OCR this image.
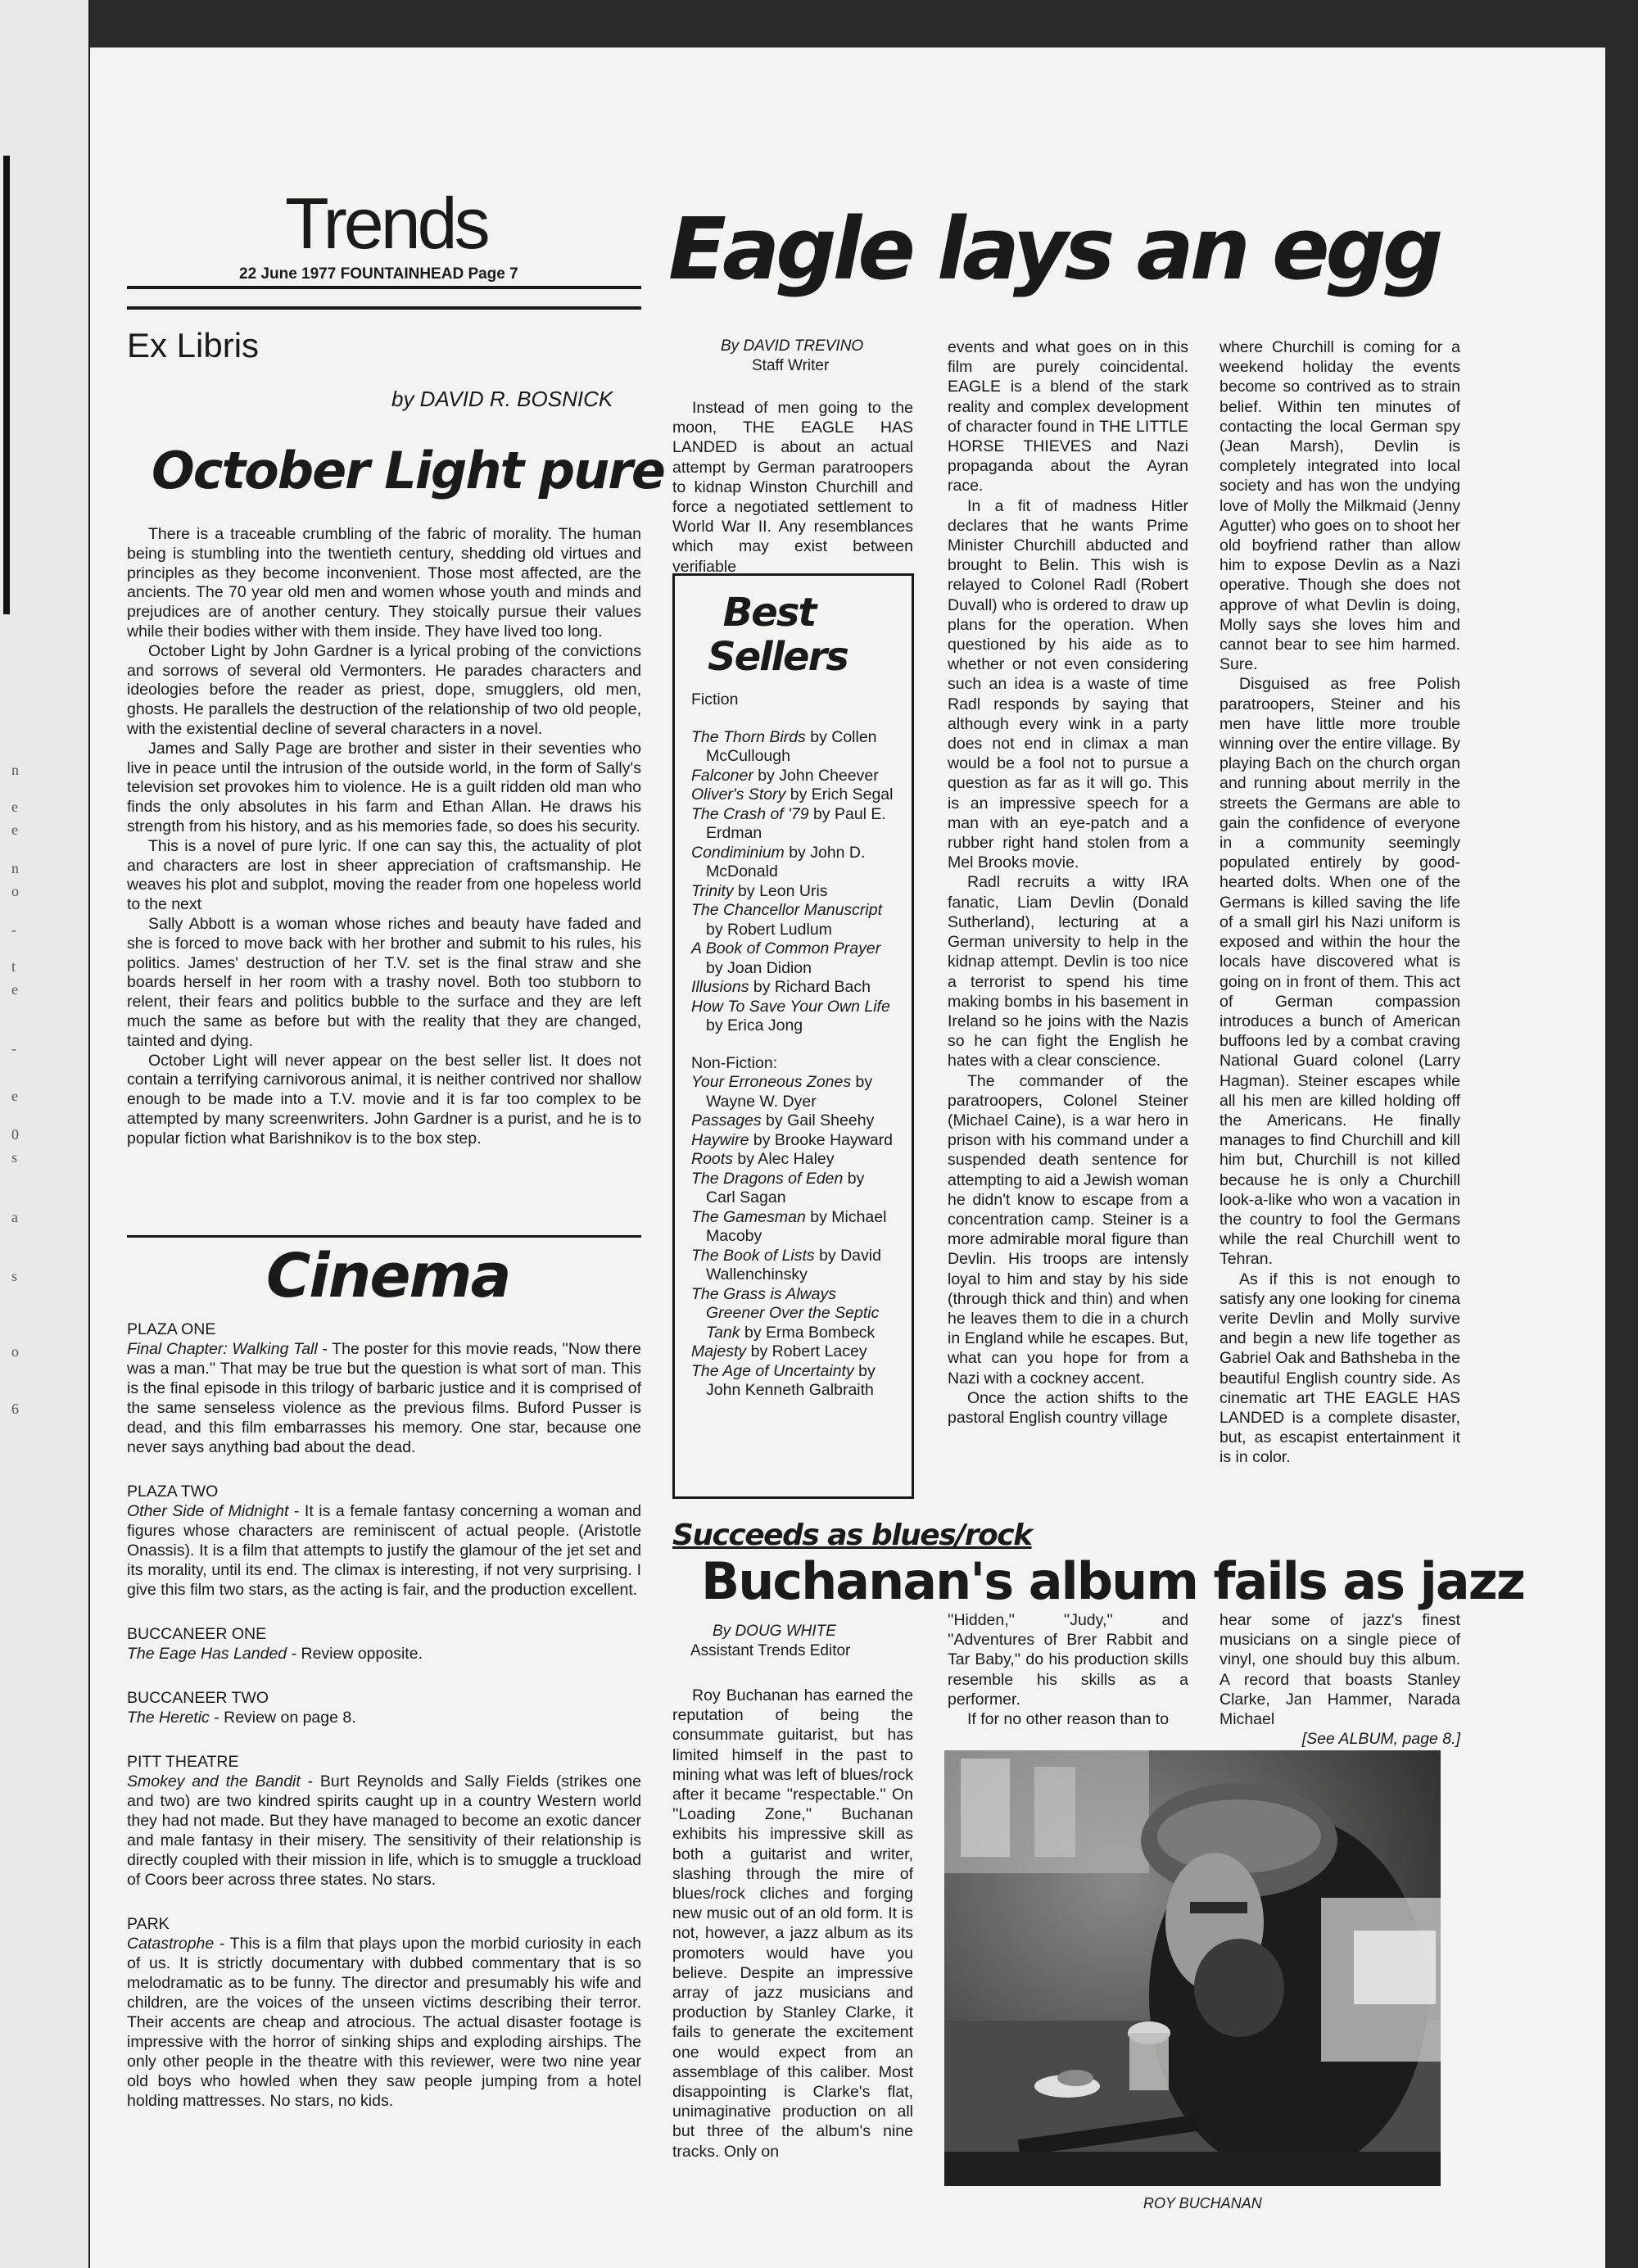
n
e
e
n
o
-
t
e
-
e
0
s
a
s
o
6
Trends
22 June 1977 FOUNTAINHEAD Page 7
Ex Libris
by DAVID R. BOSNICK
October Light pure

There is a traceable crumbling of the fabric of morality. The human being is stumbling into the twentieth century, shedding old virtues and principles as they become inconvenient. Those most affected, are the ancients. The 70 year old men and women whose youth and minds and prejudices are of another century. They stoically pursue their values while their bodies wither with them inside. They have lived too long.

October Light by John Gardner is a lyrical probing of the convictions and sorrows of several old Vermonters. He parades characters and ideologies before the reader as priest, dope, smugglers, old men, ghosts. He parallels the destruction of the relationship of two old people, with the existential decline of several characters in a novel.

James and Sally Page are brother and sister in their seventies who live in peace until the intrusion of the outside world, in the form of Sally's television set provokes him to violence. He is a guilt ridden old man who finds the only absolutes in his farm and Ethan Allan. He draws his strength from his history, and as his memories fade, so does his security.

This is a novel of pure lyric. If one can say this, the actuality of plot and characters are lost in sheer appreciation of craftsmanship. He weaves his plot and subplot, moving the reader from one hopeless world to the next

Sally Abbott is a woman whose riches and beauty have faded and she is forced to move back with her brother and submit to his rules, his politics. James' destruction of her T.V. set is the final straw and she boards herself in her room with a trashy novel. Both too stubborn to relent, their fears and politics bubble to the surface and they are left much the same as before but with the reality that they are changed, tainted and dying.

October Light will never appear on the best seller list. It does not contain a terrifying carnivorous animal, it is neither contrived nor shallow enough to be made into a T.V. movie and it is far too complex to be attempted by many screenwriters. John Gardner is a purist, and he is to popular fiction what Barishnikov is to the box step.

Cinema
PLAZA ONE
Final Chapter: Walking Tall - The poster for this movie reads, ''Now there was a man.'' That may be true but the question is what sort of man. This is the final episode in this trilogy of barbaric justice and it is comprised of the same senseless violence as the previous films. Buford Pusser is dead, and this film embarrasses his memory. One star, because one never says anything bad about the dead.
PLAZA TWO
Other Side of Midnight - It is a female fantasy concerning a woman and figures whose characters are reminiscent of actual people. (Aristotle Onassis). It is a film that attempts to justify the glamour of the jet set and its morality, until its end. The climax is interesting, if not very surprising. I give this film two stars, as the acting is fair, and the production excellent.
BUCCANEER ONE
The Eage Has Landed - Review opposite.
BUCCANEER TWO
The Heretic - Review on page 8.
PITT THEATRE
Smokey and the Bandit - Burt Reynolds and Sally Fields (strikes one and two) are two kindred spirits caught up in a country Western world they had not made. But they have managed to become an exotic dancer and male fantasy in their misery. The sensitivity of their relationship is directly coupled with their mission in life, which is to smuggle a truckload of Coors beer across three states. No stars.
PARK
Catastrophe - This is a film that plays upon the morbid curiosity in each of us. It is strictly documentary with dubbed commentary that is so melodramatic as to be funny. The director and presumably his wife and children, are the voices of the unseen victims describing their terror. Their accents are cheap and atrocious. The actual disaster footage is impressive with the horror of sinking ships and exploding airships. The only other people in the theatre with this reviewer, were two nine year old boys who howled when they saw people jumping from a hotel holding mattresses. No stars, no kids.
Eagle lays an egg
By DAVID TREVINO
Staff Writer

Instead of men going to the moon, THE EAGLE HAS LANDED is about an actual attempt by German paratroopers to kidnap Winston Churchill and force a negotiated settlement to World War II. Any resemblances which may exist between verifiable

Best
Sellers
Fiction

The Thorn Birds by Collen McCullough

Falconer by John Cheever

Oliver's Story by Erich Segal

The Crash of '79 by Paul E. Erdman

Condiminium by John D. McDonald

Trinity by Leon Uris

The Chancellor Manuscript by Robert Ludlum

A Book of Common Prayer by Joan Didion

Illusions by Richard Bach

How To Save Your Own Life by Erica Jong

Non-Fiction:

Your Erroneous Zones by Wayne W. Dyer

Passages by Gail Sheehy

Haywire by Brooke Hayward

Roots by Alec Haley

The Dragons of Eden by Carl Sagan

The Gamesman by Michael Macoby

The Book of Lists by David Wallenchinsky

The Grass is Always Greener Over the Septic Tank by Erma Bombeck

Majesty by Robert Lacey

The Age of Uncertainty by John Kenneth Galbraith

events and what goes on in this film are purely coincidental. EAGLE is a blend of the stark reality and complex development of character found in THE LITTLE HORSE THIEVES and Nazi propaganda about the Ayran race.

In a fit of madness Hitler declares that he wants Prime Minister Churchill abducted and brought to Belin. This wish is relayed to Colonel Radl (Robert Duvall) who is ordered to draw up plans for the operation. When questioned by his aide as to whether or not even considering such an idea is a waste of time Radl responds by saying that although every wink in a party does not end in climax a man would be a fool not to pursue a question as far as it will go. This is an impressive speech for a man with an eye-patch and a rubber right hand stolen from a Mel Brooks movie.

Radl recruits a witty IRA fanatic, Liam Devlin (Donald Sutherland), lecturing at a German university to help in the kidnap attempt. Devlin is too nice a terrorist to spend his time making bombs in his basement in Ireland so he joins with the Nazis so he can fight the English he hates with a clear conscience.

The commander of the paratroopers, Colonel Steiner (Michael Caine), is a war hero in prison with his command under a suspended death sentence for attempting to aid a Jewish woman he didn't know to escape from a concentration camp. Steiner is a more admirable moral figure than Devlin. His troops are intensly loyal to him and stay by his side (through thick and thin) and when he leaves them to die in a church in England while he escapes. But, what can you hope for from a Nazi with a cockney accent.

Once the action shifts to the pastoral English country village

where Churchill is coming for a weekend holiday the events become so contrived as to strain belief. Within ten minutes of contacting the local German spy (Jean Marsh), Devlin is completely integrated into local society and has won the undying love of Molly the Milkmaid (Jenny Agutter) who goes on to shoot her old boyfriend rather than allow him to expose Devlin as a Nazi operative. Though she does not approve of what Devlin is doing, Molly says she loves him and cannot bear to see him harmed. Sure.

Disguised as free Polish paratroopers, Steiner and his men have little more trouble winning over the entire village. By playing Bach on the church organ and running about merrily in the streets the Germans are able to gain the confidence of everyone in a community seemingly populated entirely by good-hearted dolts. When one of the Germans is killed saving the life of a small girl his Nazi uniform is exposed and within the hour the locals have discovered what is going on in front of them. This act of German compassion introduces a bunch of American buffoons led by a combat craving National Guard colonel (Larry Hagman). Steiner escapes while all his men are killed holding off the Americans. He finally manages to find Churchill and kill him but, Churchill is not killed because he is only a Churchill look-a-like who won a vacation in the country to fool the Germans while the real Churchill went to Tehran.

As if this is not enough to satisfy any one looking for cinema verite Devlin and Molly survive and begin a new life together as Gabriel Oak and Bathsheba in the beautiful English country side. As cinematic art THE EAGLE HAS LANDED is a complete disaster, but, as escapist entertainment it is in color.

Succeeds as blues/rock
Buchanan's album fails as jazz
By DOUG WHITE
Assistant Trends Editor

Roy Buchanan has earned the reputation of being the consummate guitarist, but has limited himself in the past to mining what was left of blues/rock after it became ''respectable.'' On ''Loading Zone,'' Buchanan exhibits his impressive skill as both a guitarist and writer, slashing through the mire of blues/rock cliches and forging new music out of an old form. It is not, however, a jazz album as its promoters would have you believe. Despite an impressive array of jazz musicians and production by Stanley Clarke, it fails to generate the excitement one would expect from an assemblage of this caliber. Most disappointing is Clarke's flat, unimaginative production on all but three of the album's nine tracks. Only on

''Hidden,'' ''Judy,'' and ''Adventures of Brer Rabbit and Tar Baby,'' do his production skills resemble his skills as a performer.

If for no other reason than to

hear some of jazz's finest musicians on a single piece of vinyl, one should buy this album. A record that boasts Stanley Clarke, Jan Hammer, Narada Michael

[See ALBUM, page 8.]
ROY BUCHANAN
